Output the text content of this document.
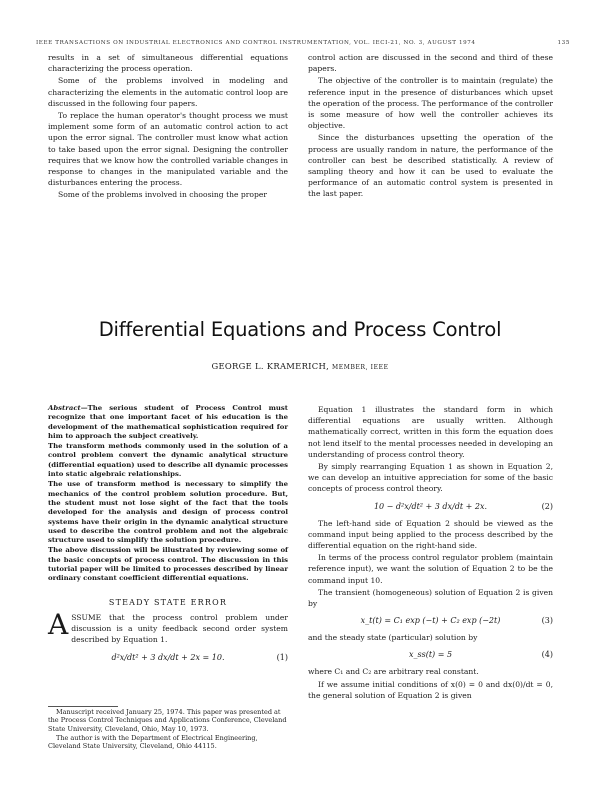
IEEE TRANSACTIONS ON INDUSTRIAL ELECTRONICS AND CONTROL INSTRUMENTATION, VOL. IECI-21, NO. 3, AUGUST 1974	135

results in a set of simultaneous differential equations characterizing the process operation.

Some of the problems involved in modeling and characterizing the elements in the automatic control loop are discussed in the following four papers.

To replace the human operator's thought process we must implement some form of an automatic control action to act upon the error signal. The controller must know what action to take based upon the error signal. Designing the controller requires that we know how the controlled variable changes in response to changes in the manipulated variable and the disturbances entering the process.

Some of the problems involved in choosing the proper

control action are discussed in the second and third of these papers.

The objective of the controller is to maintain (regulate) the reference input in the presence of disturbances which upset the operation of the process. The performance of the controller is some measure of how well the controller achieves its objective.

Since the disturbances upsetting the operation of the process are usually random in nature, the performance of the controller can best be described statistically. A review of sampling theory and how it can be used to evaluate the performance of an automatic control system is presented in the last paper.

Differential Equations and Process Control
GEORGE L. KRAMERICH, MEMBER, IEEE

Abstract—The serious student of Process Control must recognize that one important facet of his education is the development of the mathematical sophistication required for him to approach the subject creatively.

The transform methods commonly used in the solution of a control problem convert the dynamic analytical structure (differential equation) used to describe all dynamic processes into static algebraic relationships.

The use of transform method is necessary to simplify the mechanics of the control problem solution procedure. But, the student must not lose sight of the fact that the tools developed for the analysis and design of process control systems have their origin in the dynamic analytical structure used to describe the control problem and not the algebraic structure used to simplify the solution procedure.

The above discussion will be illustrated by reviewing some of the basic concepts of process control. The discussion in this tutorial paper will be limited to processes described by linear ordinary constant coefficient differential equations.

STEADY STATE ERROR

ASSUME that the process control problem under discussion is a unity feedback second order system described by Equation 1.

d²x/dt² + 3 dx/dt + 2x = 10.	(1)

Manuscript received January 25, 1974. This paper was presented at the Process Control Techniques and Applications Conference, Cleveland State University, Cleveland, Ohio, May 10, 1973.

The author is with the Department of Electrical Engineering, Cleveland State University, Cleveland, Ohio 44115.

Equation 1 illustrates the standard form in which differential equations are usually written. Although mathematically correct, written in this form the equation does not lend itself to the mental processes needed in developing an understanding of process control theory.

By simply rearranging Equation 1 as shown in Equation 2, we can develop an intuitive appreciation for some of the basic concepts of process control theory.

10 − d²x/dt² + 3 dx/dt + 2x.	(2)

The left-hand side of Equation 2 should be viewed as the command input being applied to the process described by the differential equation on the right-hand side.

In terms of the process control regulator problem (maintain reference input), we want the solution of Equation 2 to be the command input 10.

The transient (homogeneous) solution of Equation 2 is given by

x_t(t) = C₁ exp (−t) + C₂ exp (−2t)	(3)

and the steady state (particular) solution by

x_ss(t) = 5	(4)

where C₁ and C₂ are arbitrary real constant.

If we assume initial conditions of x(0) = 0 and dx(0)/dt = 0, the general solution of Equation 2 is given
